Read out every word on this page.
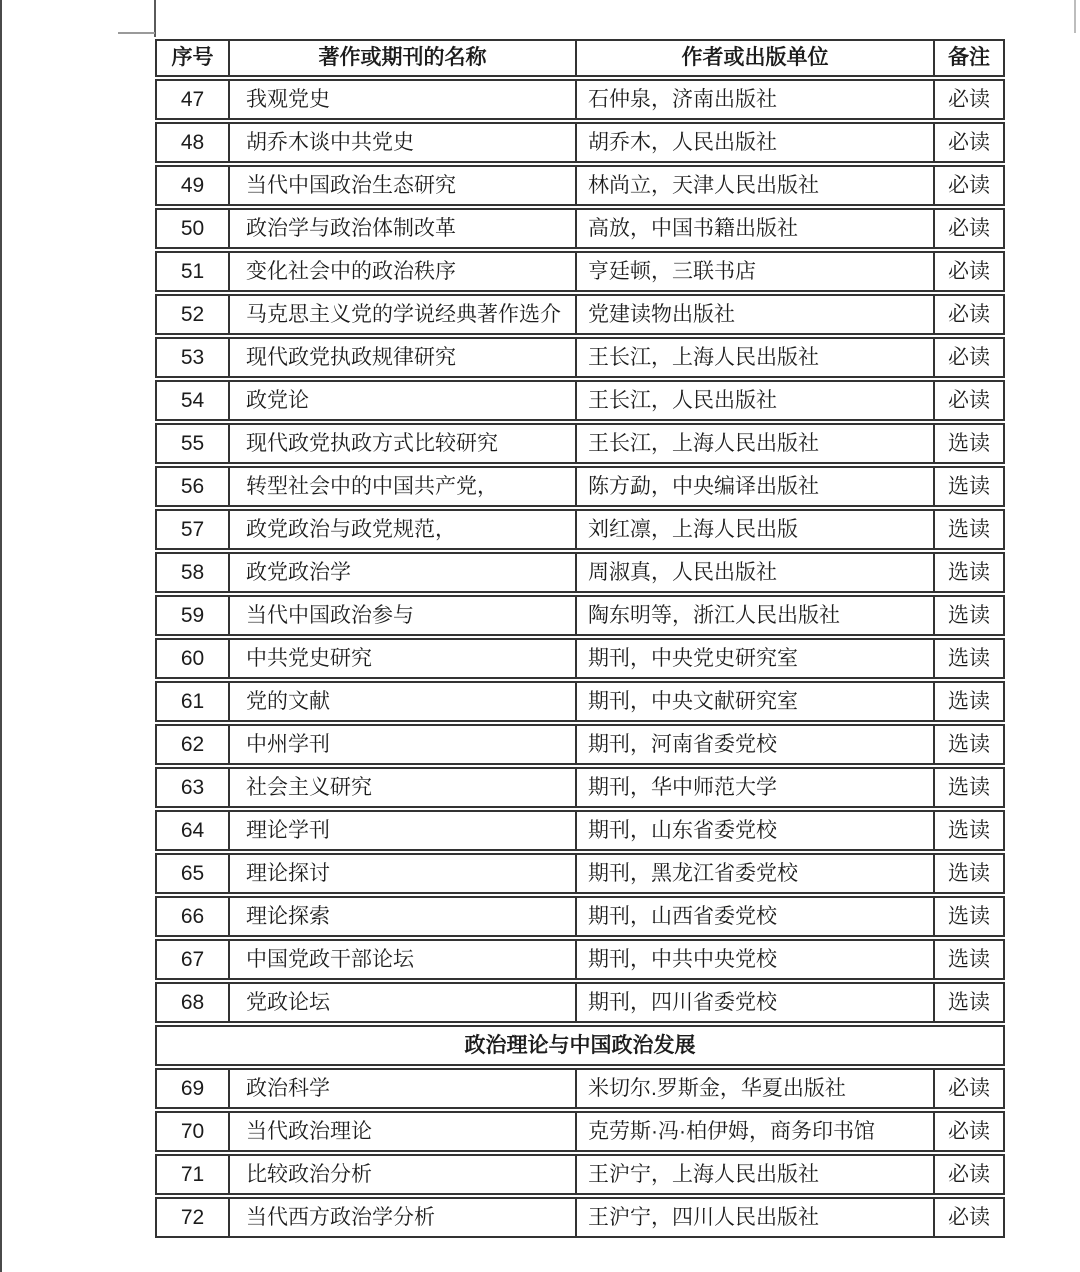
序号	著作或期刊的名称	作者或出版单位	备注
47	我观党史	石仲泉，济南出版社	必读
48	胡乔木谈中共党史	胡乔木，人民出版社	必读
49	当代中国政治生态研究	林尚立，天津人民出版社	必读
50	政治学与政治体制改革	高放，中国书籍出版社	必读
51	变化社会中的政治秩序	亨廷顿，三联书店	必读
52	马克思主义党的学说经典著作选介	党建读物出版社	必读
53	现代政党执政规律研究	王长江，上海人民出版社	必读
54	政党论	王长江，人民出版社	必读
55	现代政党执政方式比较研究	王长江，上海人民出版社	选读
56	转型社会中的中国共产党，	陈方勐，中央编译出版社	选读
57	政党政治与政党规范，	刘红凛，上海人民出版	选读
58	政党政治学	周淑真，人民出版社	选读
59	当代中国政治参与	陶东明等，浙江人民出版社	选读
60	中共党史研究	期刊，中央党史研究室	选读
61	党的文献	期刊，中央文献研究室	选读
62	中州学刊	期刊，河南省委党校	选读
63	社会主义研究	期刊，华中师范大学	选读
64	理论学刊	期刊，山东省委党校	选读
65	理论探讨	期刊，黑龙江省委党校	选读
66	理论探索	期刊，山西省委党校	选读
67	中国党政干部论坛	期刊，中共中央党校	选读
68	党政论坛	期刊，四川省委党校	选读
政治理论与中国政治发展			
69	政治科学	米切尔.罗斯金，华夏出版社	必读
70	当代政治理论	克劳斯·冯·柏伊姆，商务印书馆	必读
71	比较政治分析	王沪宁，上海人民出版社	必读
72	当代西方政治学分析	王沪宁，四川人民出版社	必读
